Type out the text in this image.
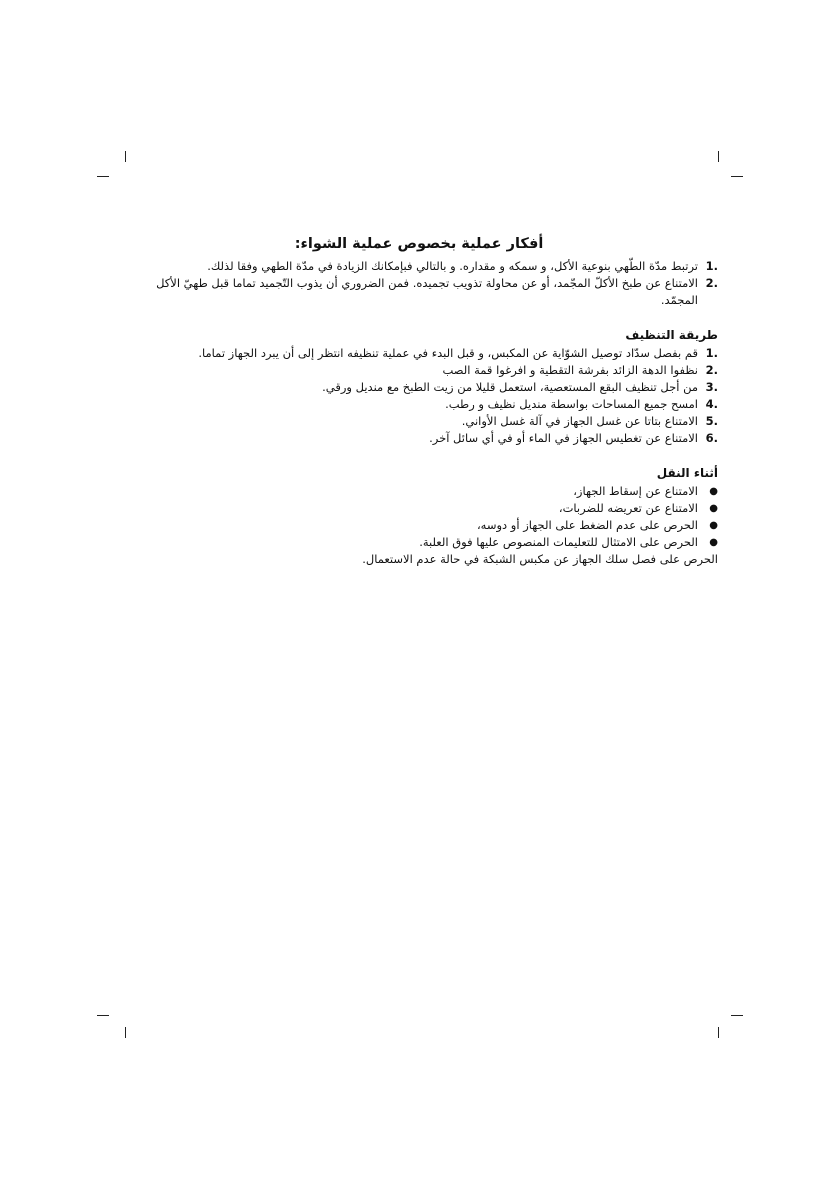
أفكار عملية بخصوص عملية الشواء:
1.
ترتبط مدّة الطّهي بنوعية الأكل، و سمكه و مقداره. و بالتالي فبإمكانك الزيادة في مدّة الطهي وفقا لذلك.
2.
الامتناع عن طبخ الأكلّ المجّمد، أو عن محاولة تذويب تجميده. فمن الضروري أن يذوب التّجميد تماما قبل طهيّ الأكل المجمّد.
طريقة التنظيف
1.
قم بفصل سدّاد توصيل الشوّاية عن المكبس، و قبل البدء في عملية تنظيفه انتظر إلى أن يبرد الجهاز تماما.
2.
نظفوا الدهة الزائد بفرشة التقطية و افرغوا قمة الصب
3.
من أجل تنظيف البقع المستعصية، استعمل قليلا من زيت الطبخ مع منديل ورقي.
4.
امسح جميع المساحات بواسطة منديل نظيف و رطب.
5.
الامتناع بتاتا عن غسل الجهاز في آلة غسل الأواني.
6.
الامتناع عن تغطيس الجهاز في الماء أو في أي سائل آخر.
أثناء النقل
●
الامتناع عن إسقاط الجهاز،
●
الامتناع عن تعريضه للضربات،
●
الحرص على عدم الضغط على الجهاز أو دوسه،
●
الحرص على الامتثال للتعليمات المنصوص عليها فوق العلبة.
الحرص على فصل سلك الجهاز عن مكبس الشبكة في حالة عدم الاستعمال.
